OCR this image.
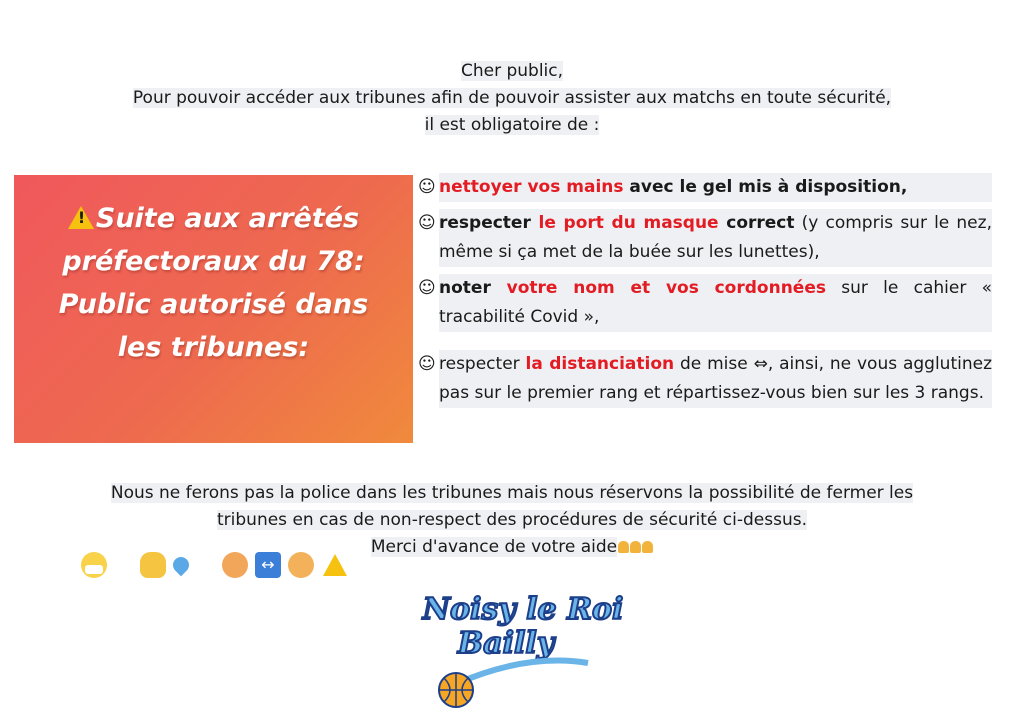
Cher public,
Pour pouvoir accéder aux tribunes afin de pouvoir assister aux matchs en toute sécurité,
il est obligatoire de :
!Suite aux arrêtés
préfectoraux du 78:
Public autorisé dans
les tribunes:
/	/	↔
☺ nettoyer vos mains avec le gel mis à disposition,
☺ respecter le port du masque correct (y compris sur le nez, même si ça met de la buée sur les lunettes),
☺ noter votre nom et vos cordonnées sur le cahier « tracabilité Covid »,
☺ respecter la distanciation de mise ⇔, ainsi, ne vous agglutinez pas sur le premier rang et répartissez-vous bien sur les 3 rangs.
Nous ne ferons pas la police dans les tribunes mais nous réservons la possibilité de fermer les
tribunes en cas de non-respect des procédures de sécurité ci-dessus.
Merci d'avance de votre aide
Noisy le Roi
Bailly
